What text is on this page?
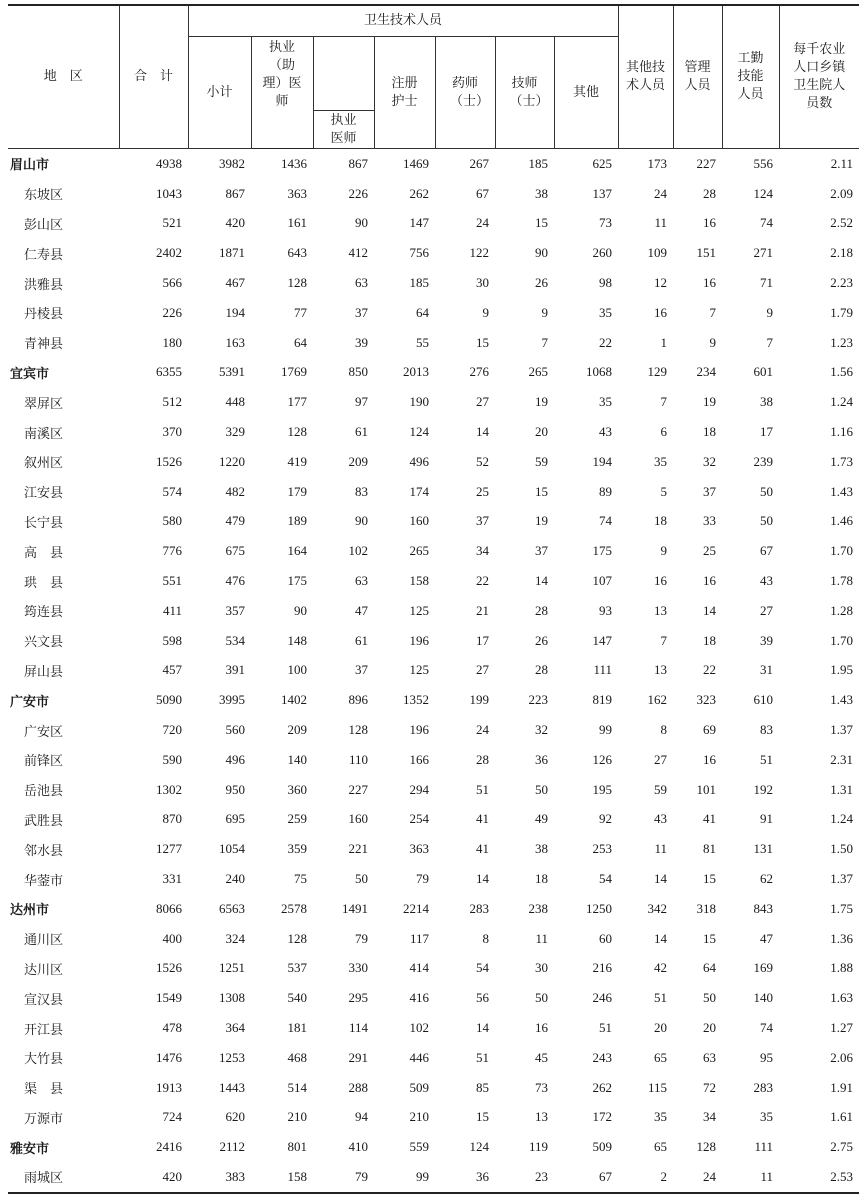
地　区	合　计	卫生技术人员							其他技术人员	管理人员	工勤技能人员	每千农业人口乡镇卫生院人员数

		小计	执业（助理）医师	执业医师	注册护士	药师（士）	技师（士）	其他				

眉山市	4938	3982	1436	867	1469	267	185	625	173	227	556	2.11
东坡区	1043	867	363	226	262	67	38	137	24	28	124	2.09
彭山区	521	420	161	90	147	24	15	73	11	16	74	2.52
仁寿县	2402	1871	643	412	756	122	90	260	109	151	271	2.18
洪雅县	566	467	128	63	185	30	26	98	12	16	71	2.23
丹棱县	226	194	77	37	64	9	9	35	16	7	9	1.79
青神县	180	163	64	39	55	15	7	22	1	9	7	1.23
宜宾市	6355	5391	1769	850	2013	276	265	1068	129	234	601	1.56
翠屏区	512	448	177	97	190	27	19	35	7	19	38	1.24
南溪区	370	329	128	61	124	14	20	43	6	18	17	1.16
叙州区	1526	1220	419	209	496	52	59	194	35	32	239	1.73
江安县	574	482	179	83	174	25	15	89	5	37	50	1.43
长宁县	580	479	189	90	160	37	19	74	18	33	50	1.46
高　县	776	675	164	102	265	34	37	175	9	25	67	1.70
珙　县	551	476	175	63	158	22	14	107	16	16	43	1.78
筠连县	411	357	90	47	125	21	28	93	13	14	27	1.28
兴文县	598	534	148	61	196	17	26	147	7	18	39	1.70
屏山县	457	391	100	37	125	27	28	111	13	22	31	1.95
广安市	5090	3995	1402	896	1352	199	223	819	162	323	610	1.43
广安区	720	560	209	128	196	24	32	99	8	69	83	1.37
前锋区	590	496	140	110	166	28	36	126	27	16	51	2.31
岳池县	1302	950	360	227	294	51	50	195	59	101	192	1.31
武胜县	870	695	259	160	254	41	49	92	43	41	91	1.24
邻水县	1277	1054	359	221	363	41	38	253	11	81	131	1.50
华蓥市	331	240	75	50	79	14	18	54	14	15	62	1.37
达州市	8066	6563	2578	1491	2214	283	238	1250	342	318	843	1.75
通川区	400	324	128	79	117	8	11	60	14	15	47	1.36
达川区	1526	1251	537	330	414	54	30	216	42	64	169	1.88
宣汉县	1549	1308	540	295	416	56	50	246	51	50	140	1.63
开江县	478	364	181	114	102	14	16	51	20	20	74	1.27
大竹县	1476	1253	468	291	446	51	45	243	65	63	95	2.06
渠　县	1913	1443	514	288	509	85	73	262	115	72	283	1.91
万源市	724	620	210	94	210	15	13	172	35	34	35	1.61
雅安市	2416	2112	801	410	559	124	119	509	65	128	111	2.75
雨城区	420	383	158	79	99	36	23	67	2	24	11	2.53
